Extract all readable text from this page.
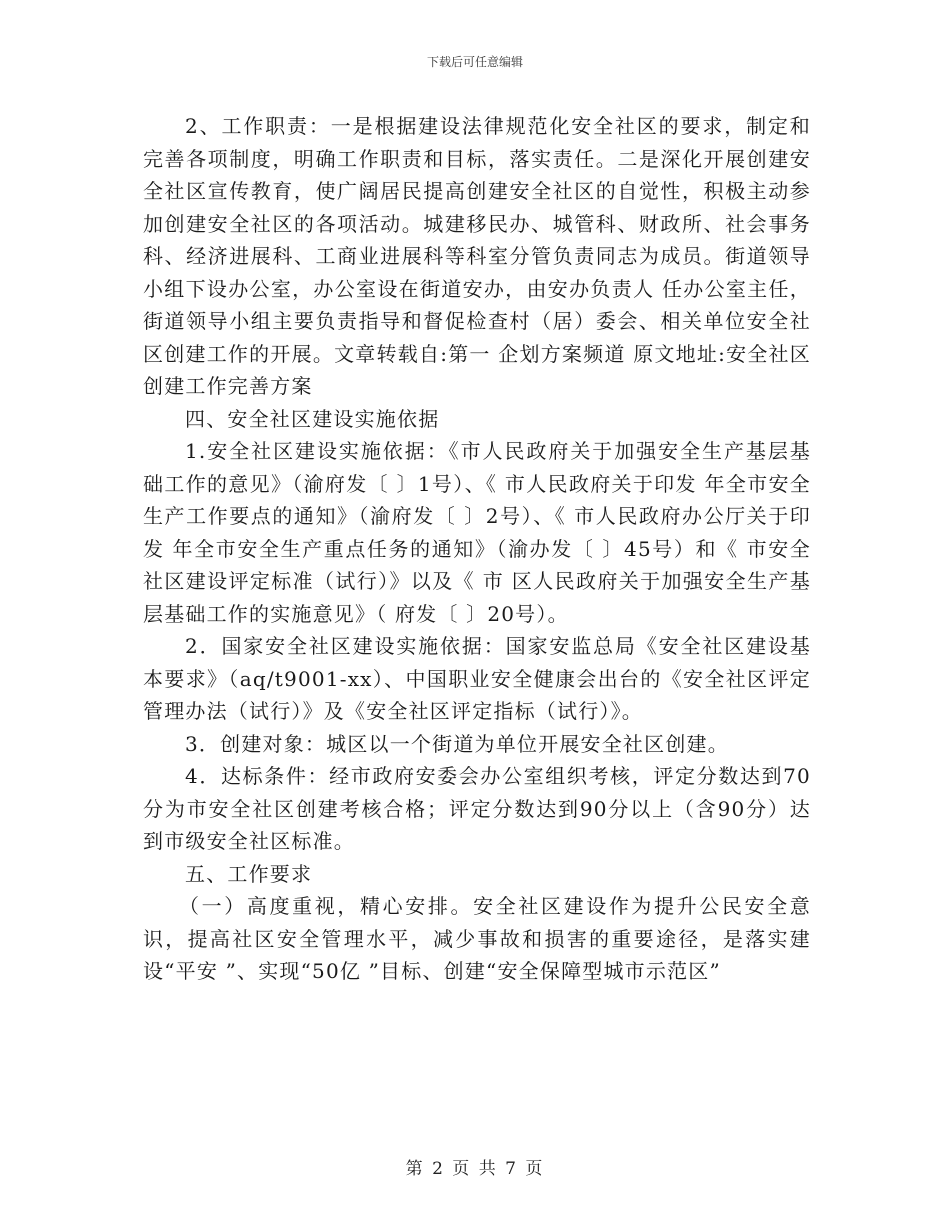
下载后可任意编辑

2、工作职责：一是根据建设法律规范化安全社区的要求，制定和完善各项制度，明确工作职责和目标，落实责任。二是深化开展创建安全社区宣传教育，使广阔居民提高创建安全社区的自觉性，积极主动参加创建安全社区的各项活动。城建移民办、城管科、财政所、社会事务科、经济进展科、工商业进展科等科室分管负责同志为成员。街道领导小组下设办公室，办公室设在街道安办，由安办负责人 任办公室主任，街道领导小组主要负责指导和督促检查村（居）委会、相关单位安全社区创建工作的开展。文章转载自:第一 企划方案频道 原文地址:安全社区创建工作完善方案

四、安全社区建设实施依据

1.安全社区建设实施依据：《市人民政府关于加强安全生产基层基础工作的意见》（渝府发〔 〕1号）、《 市人民政府关于印发 年全市安全生产工作要点的通知》（渝府发〔 〕2号）、《 市人民政府办公厅关于印发 年全市安全生产重点任务的通知》（渝办发〔 〕45号）和《 市安全社区建设评定标准（试行）》以及《 市 区人民政府关于加强安全生产基层基础工作的实施意见》（ 府发〔 〕20号）。

2．国家安全社区建设实施依据：国家安监总局《安全社区建设基本要求》（aq/t9001-xx）、中国职业安全健康会出台的《安全社区评定管理办法（试行）》及《安全社区评定指标（试行）》。

3．创建对象：城区以一个街道为单位开展安全社区创建。

4．达标条件：经市政府安委会办公室组织考核，评定分数达到70分为市安全社区创建考核合格；评定分数达到90分以上（含90分）达到市级安全社区标准。

五、工作要求

（一）高度重视，精心安排。安全社区建设作为提升公民安全意识，提高社区安全管理水平，减少事故和损害的重要途径，是落实建设“平安 ”、实现“50亿 ”目标、创建“安全保障型城市示范区”

第 2 页 共 7 页
